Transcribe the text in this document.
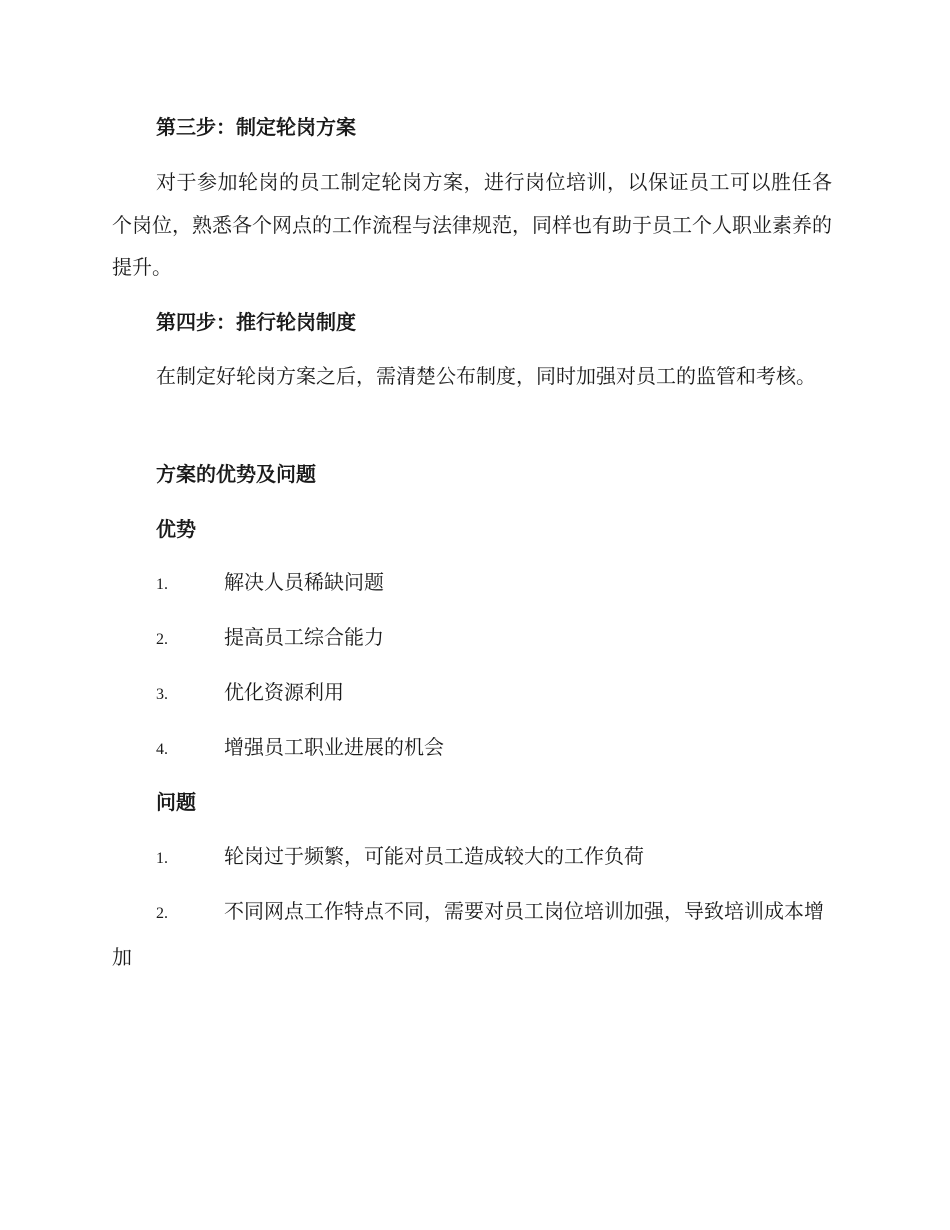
第三步：制定轮岗方案

对于参加轮岗的员工制定轮岗方案，进行岗位培训，以保证员工可以胜任各个岗位，熟悉各个网点的工作流程与法律规范，同样也有助于员工个人职业素养的提升。

第四步：推行轮岗制度

在制定好轮岗方案之后，需清楚公布制度，同时加强对员工的监管和考核。

方案的优势及问题
优势
1.	解决人员稀缺问题
2.	提高员工综合能力
3.	优化资源利用
4.	增强员工职业进展的机会
问题
1.	轮岗过于频繁，可能对员工造成较大的工作负荷

2.	不同网点工作特点不同，需要对员工岗位培训加强，导致培训成本增加
